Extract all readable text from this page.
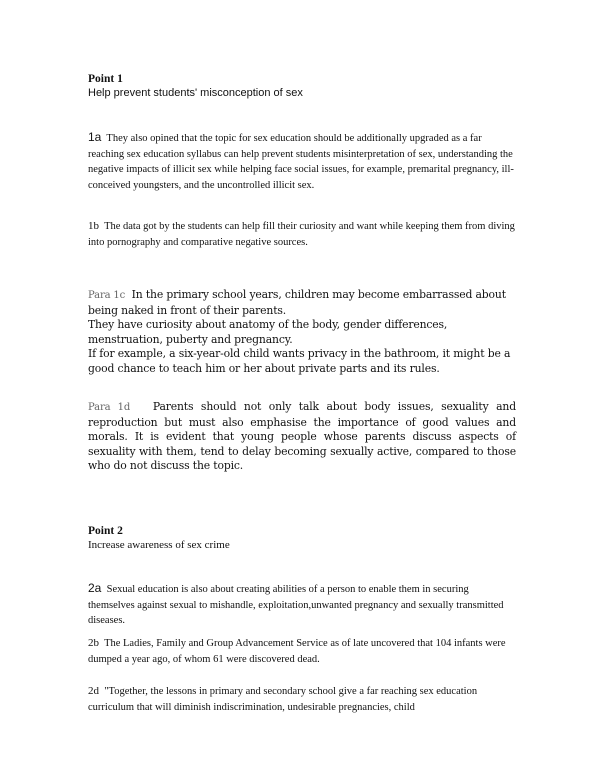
Point 1
Help prevent students' misconception of sex
1a They also opined that the topic for sex education should be additionally upgraded as a far reaching sex education syllabus can help prevent students misinterpretation of sex, understanding the negative impacts of illicit sex while helping face social issues, for example, premarital pregnancy, ill-conceived youngsters, and the uncontrolled illicit sex.
1b The data got by the students can help fill their curiosity and want while keeping them from diving into pornography and comparative negative sources.
Para 1c In the primary school years, children may become embarrassed about being naked in front of their parents.
They have curiosity about anatomy of the body, gender differences, menstruation, puberty and pregnancy.
If for example, a six-year-old child wants privacy in the bathroom, it might be a good chance to teach him or her about private parts and its rules.
Para 1d Parents should not only talk about body issues, sexuality and reproduction but must also emphasise the importance of good values and morals. It is evident that young people whose parents discuss aspects of sexuality with them, tend to delay becoming sexually active, compared to those who do not discuss the topic.
Point 2
Increase awareness of sex crime
2a Sexual education is also about creating abilities of a person to enable them in securing themselves against sexual to mishandle, exploitation,unwanted pregnancy and sexually transmitted diseases.
2b The Ladies, Family and Group Advancement Service as of late uncovered that 104 infants were dumped a year ago, of whom 61 were discovered dead.
2d "Together, the lessons in primary and secondary school give a far reaching sex education curriculum that will diminish indiscrimination, undesirable pregnancies, child
